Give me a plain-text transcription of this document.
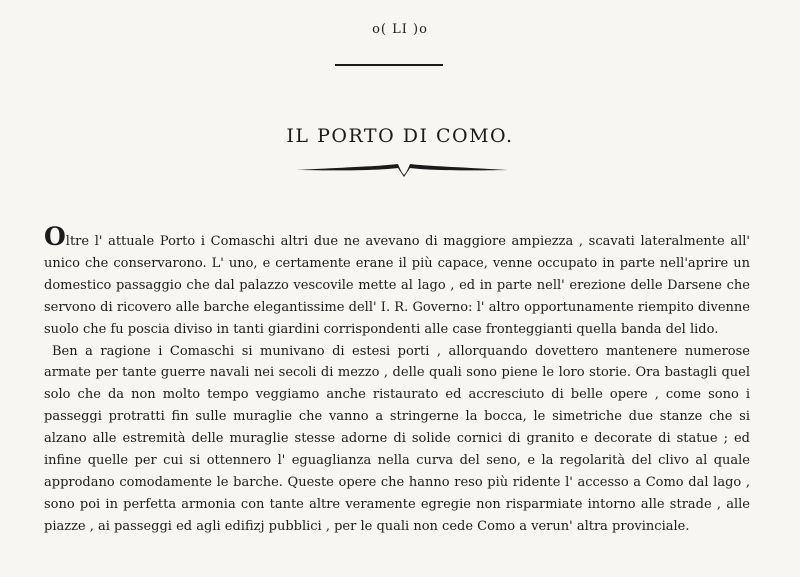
o( LI )o
IL PORTO DI COMO.

Oltre l' attuale Porto i Comaschi altri due ne avevano di maggiore ampiezza , scavati lateralmente all' unico che conservarono. L' uno, e certamente erane il più capace, venne occupato in parte nell'aprire un domestico passaggio che dal palazzo vescovile mette al lago , ed in parte nell' erezione delle Darsene che servono di ricovero alle barche elegantissime dell' I. R. Governo: l' altro opportunamente riempito divenne suolo che fu poscia diviso in tanti giardini corrispondenti alle case fronteggianti quella banda del lido.

Ben a ragione i Comaschi si munivano di estesi porti , allorquando dovettero mantenere numerose armate per tante guerre navali nei secoli di mezzo , delle quali sono piene le loro storie. Ora bastagli quel solo che da non molto tempo veggiamo anche ristaurato ed accresciuto di belle opere , come sono i passeggi protratti fin sulle muraglie che vanno a stringerne la bocca, le simetriche due stanze che si alzano alle estremità delle muraglie stesse adorne di solide cornici di granito e decorate di statue ; ed infine quelle per cui si ottennero l' eguaglianza nella curva del seno, e la regolarità del clivo al quale approdano comodamente le barche. Queste opere che hanno reso più ridente l' accesso a Como dal lago , sono poi in perfetta armonia con tante altre veramente egregie non risparmiate intorno alle strade , alle piazze , ai passeggi ed agli edifizj pubblici , per le quali non cede Como a verun' altra provinciale.
